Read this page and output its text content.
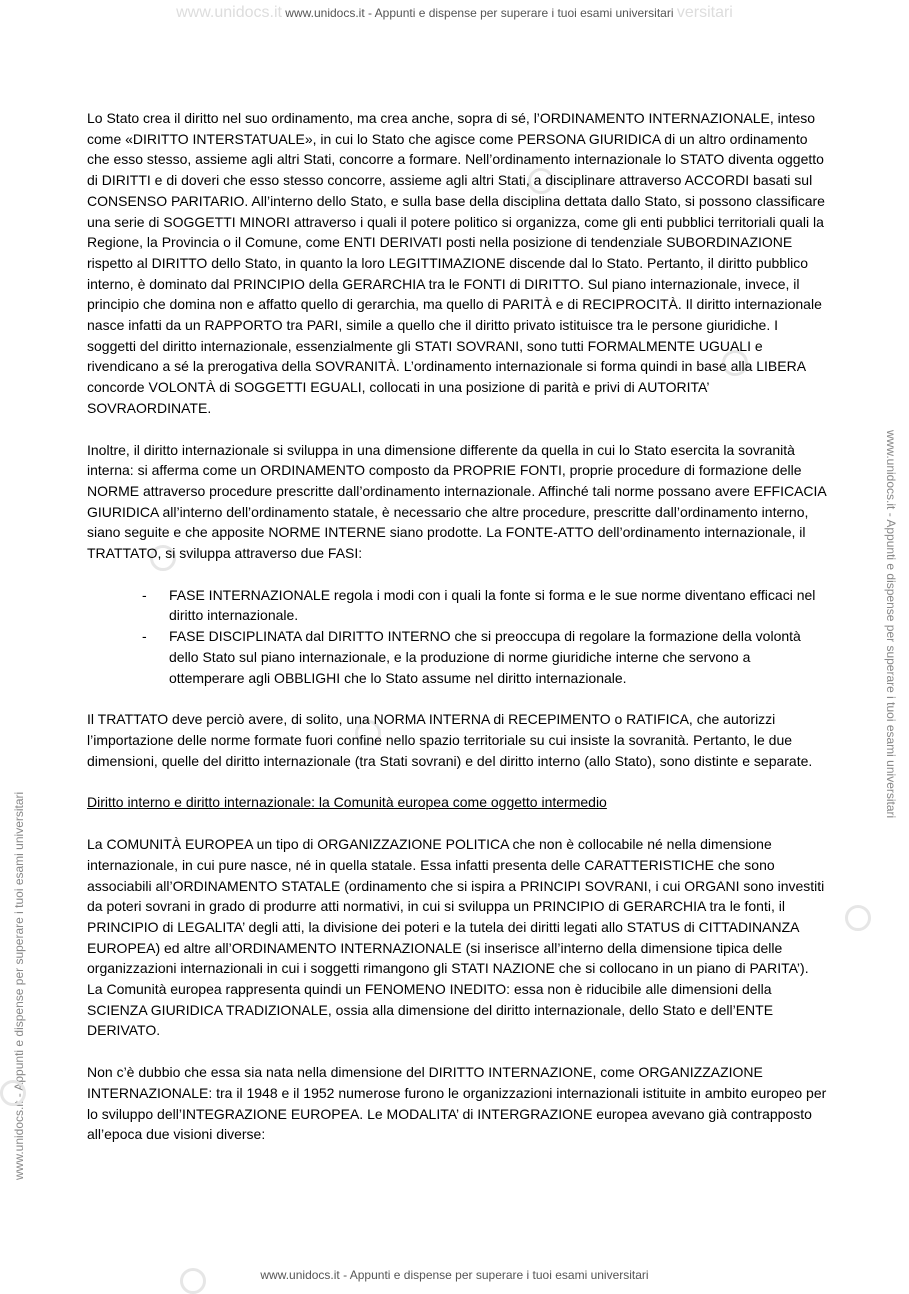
www.unidocs.it www.unidocs.it - Appunti e dispense per superare i tuoi esami universitari versitari
www.unidocs.it - Appunti e dispense per superare i tuoi esami universitari
www.unidocs.it - Appunti e dispense per superare i tuoi esami universitari

Lo Stato crea il diritto nel suo ordinamento, ma crea anche, sopra di sé, l’ORDINAMENTO INTERNAZIONALE, inteso come «DIRITTO INTERSTATUALE», in cui lo Stato che agisce come PERSONA GIURIDICA di un altro ordinamento che esso stesso, assieme agli altri Stati, concorre a formare. Nell’ordinamento internazionale lo STATO diventa oggetto di DIRITTI e di doveri che esso stesso concorre, assieme agli altri Stati, a disciplinare attraverso ACCORDI basati sul CONSENSO PARITARIO. All’interno dello Stato, e sulla base della disciplina dettata dallo Stato, si possono classificare una serie di SOGGETTI MINORI attraverso i quali il potere politico si organizza, come gli enti pubblici territoriali quali la Regione, la Provincia o il Comune, come ENTI DERIVATI posti nella posizione di tendenziale SUBORDINAZIONE rispetto al DIRITTO dello Stato, in quanto la loro LEGITTIMAZIONE discende dal lo Stato. Pertanto, il diritto pubblico interno, è dominato dal PRINCIPIO della GERARCHIA tra le FONTI di DIRITTO. Sul piano internazionale, invece, il principio che domina non e affatto quello di gerarchia, ma quello di PARITÀ e di RECIPROCITÀ. Il diritto internazionale nasce infatti da un RAPPORTO tra PARI, simile a quello che il diritto privato istituisce tra le persone giuridiche. I soggetti del diritto internazionale, essenzialmente gli STATI SOVRANI, sono tutti FORMALMENTE UGUALI e rivendicano a sé la prerogativa della SOVRANITÀ. L’ordinamento internazionale si forma quindi in base alla LIBERA concorde VOLONTÀ di SOGGETTI EGUALI, collocati in una posizione di parità e privi di AUTORITA’ SOVRAORDINATE.

Inoltre, il diritto internazionale si sviluppa in una dimensione differente da quella in cui lo Stato esercita la sovranità interna: si afferma come un ORDINAMENTO composto da PROPRIE FONTI, proprie procedure di formazione delle NORME attraverso procedure prescritte dall’ordinamento internazionale. Affinché tali norme possano avere EFFICACIA GIURIDICA all’interno dell’ordinamento statale, è necessario che altre procedure, prescritte dall’ordinamento interno, siano seguite e che apposite NORME INTERNE siano prodotte. La FONTE-ATTO dell’ordinamento internazionale, il TRATTATO, si sviluppa attraverso due FASI:

- FASE INTERNAZIONALE regola i modi con i quali la fonte si forma e le sue norme diventano efficaci nel diritto internazionale.
- FASE DISCIPLINATA dal DIRITTO INTERNO che si preoccupa di regolare la formazione della volontà dello Stato sul piano internazionale, e la produzione di norme giuridiche interne che servono a ottemperare agli OBBLIGHI che lo Stato assume nel diritto internazionale.

Il TRATTATO deve perciò avere, di solito, una NORMA INTERNA di RECEPIMENTO o RATIFICA, che autorizzi l’importazione delle norme formate fuori confine nello spazio territoriale su cui insiste la sovranità. Pertanto, le due dimensioni, quelle del diritto internazionale (tra Stati sovrani) e del diritto interno (allo Stato), sono distinte e separate.

Diritto interno e diritto internazionale: la Comunità europea come oggetto intermedio

La COMUNITÀ EUROPEA un tipo di ORGANIZZAZIONE POLITICA che non è collocabile né nella dimensione internazionale, in cui pure nasce, né in quella statale. Essa infatti presenta delle CARATTERISTICHE che sono associabili all’ORDINAMENTO STATALE (ordinamento che si ispira a PRINCIPI SOVRANI, i cui ORGANI sono investiti da poteri sovrani in grado di produrre atti normativi, in cui si sviluppa un PRINCIPIO di GERARCHIA tra le fonti, il PRINCIPIO di LEGALITA’ degli atti, la divisione dei poteri e la tutela dei diritti legati allo STATUS di CITTADINANZA EUROPEA) ed altre all’ORDINAMENTO INTERNAZIONALE (si inserisce all’interno della dimensione tipica delle organizzazioni internazionali in cui i soggetti rimangono gli STATI NAZIONE che si collocano in un piano di PARITA’). La Comunità europea rappresenta quindi un FENOMENO INEDITO: essa non è riducibile alle dimensioni della SCIENZA GIURIDICA TRADIZIONALE, ossia alla dimensione del diritto internazionale, dello Stato e dell’ENTE DERIVATO.

Non c’è dubbio che essa sia nata nella dimensione del DIRITTO INTERNAZIONE, come ORGANIZZAZIONE INTERNAZIONALE: tra il 1948 e il 1952 numerose furono le organizzazioni internazionali istituite in ambito europeo per lo sviluppo dell’INTEGRAZIONE EUROPEA. Le MODALITA’ di INTERGRAZIONE europea avevano già contrapposto all’epoca due visioni diverse:

www.unidocs.it - Appunti e dispense per superare i tuoi esami universitari
